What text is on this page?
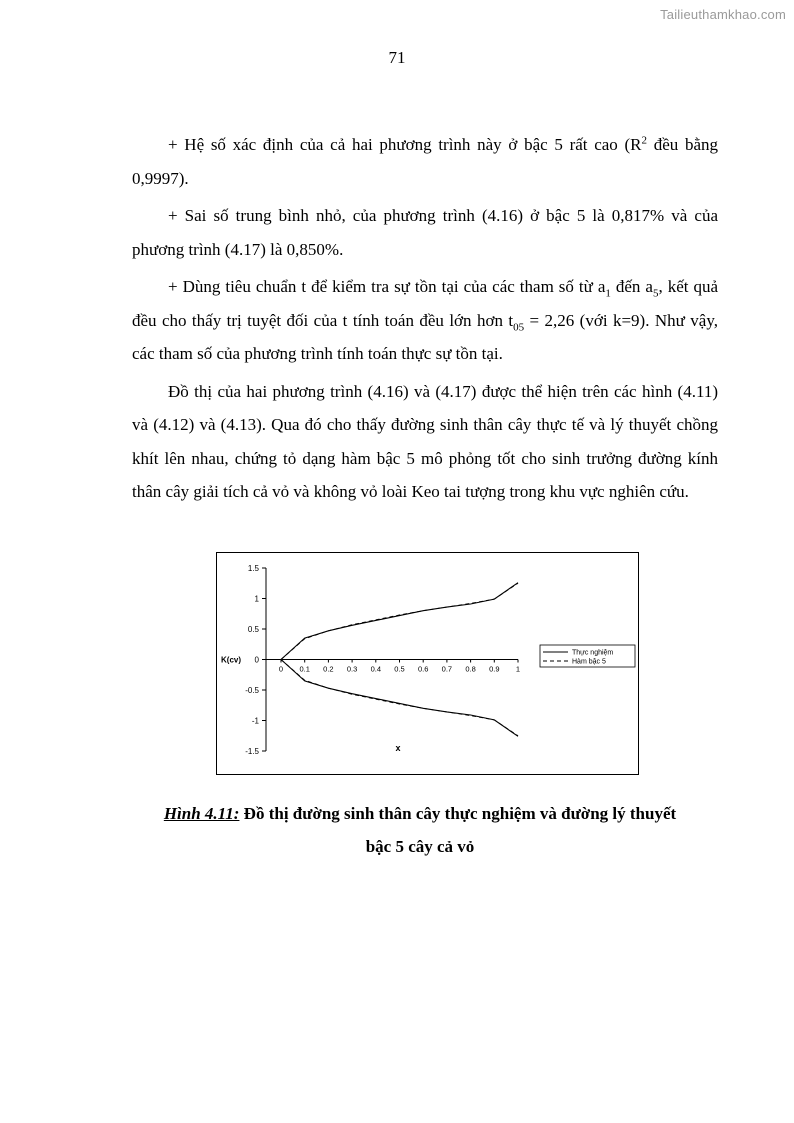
Tailieuthamkhao.com
71

+ Hệ số xác định của cả hai phương trình này ở bậc 5 rất cao ($R^2$ đều bằng 0,9997).

+ Sai số trung bình nhỏ, của phương trình (4.16) ở bậc 5 là 0,817% và của phương trình (4.17) là 0,850%.

+ Dùng tiêu chuẩn t để kiểm tra sự tồn tại của các tham số từ $a_1$ đến $a_5$, kết quả đều cho thấy trị tuyệt đối của t tính toán đều lớn hơn $t_{05} = 2,26$ (với k=9). Như vậy, các tham số của phương trình tính toán thực sự tồn tại.

Đồ thị của hai phương trình (4.16) và (4.17) được thể hiện trên các hình (4.11) và (4.12) và (4.13). Qua đó cho thấy đường sinh thân cây thực tế và lý thuyết chồng khít lên nhau, chứng tỏ dạng hàm bậc 5 mô phỏng tốt cho sinh trưởng đường kính thân cây giải tích cả vỏ và không vỏ loài Keo tai tượng trong khu vực nghiên cứu.

1.5
1
0.5
0
-0.5
-1
-1.5
0 0.1 0.2 0.3 0.4 0.5 0.6 0.7 0.8 0.9 1
K(cv)
x
Thực nghiệm
Hàm bậc 5
Hình 4.11: Đồ thị đường sinh thân cây thực nghiệm và đường lý thuyết
bậc 5 cây cả vỏ
